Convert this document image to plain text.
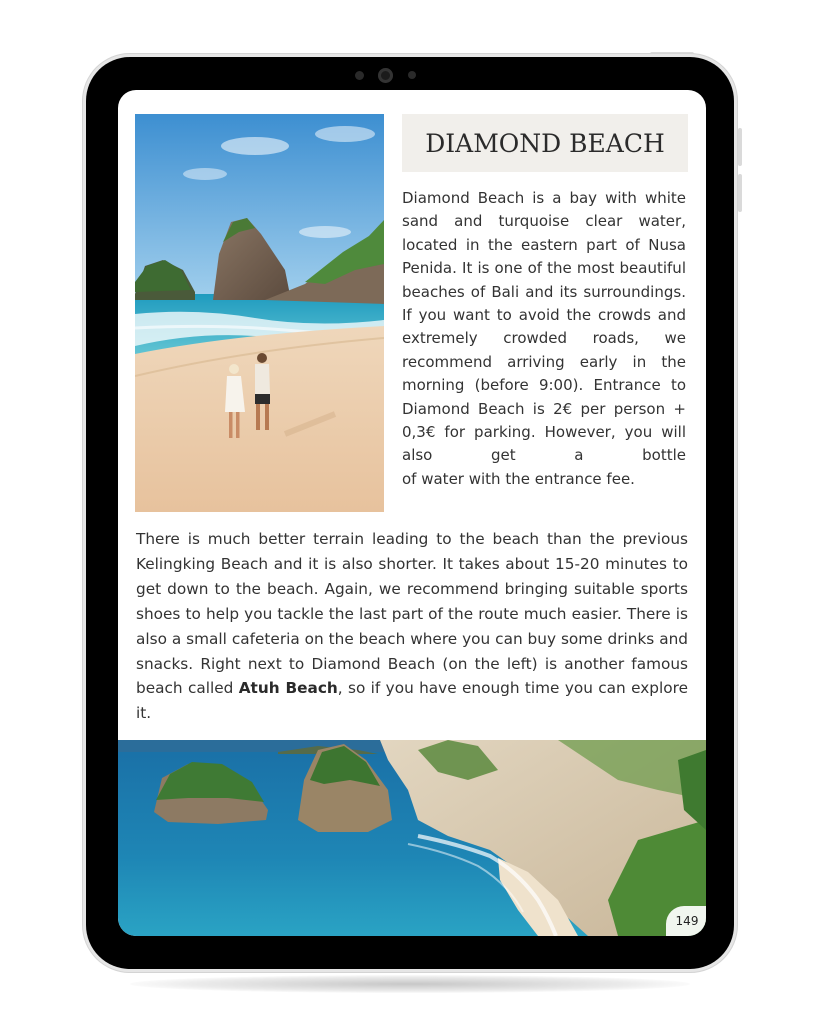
DIAMOND BEACH

Diamond Beach is a bay with white sand and turquoise clear water, located in the eastern part of Nusa Penida. It is one of the most beautiful beaches of Bali and its surroundings. If you want to avoid the crowds and extremely crowded roads, we recommend arriving early in the morning (before 9:00). Entrance to Diamond Beach is 2€ per person + 0,3€ for parking. However, you will also get a bottle
of water with the entrance fee.

There is much better terrain leading to the beach than the previous Kelingking Beach and it is also shorter. It takes about 15-20 minutes to get down to the beach. Again, we recommend bringing suitable sports shoes to help you tackle the last part of the route much easier. There is also a small cafeteria on the beach where you can buy some drinks and snacks. Right next to Diamond Beach (on the left) is another famous beach called Atuh Beach, so if you have enough time you can explore it.

149
